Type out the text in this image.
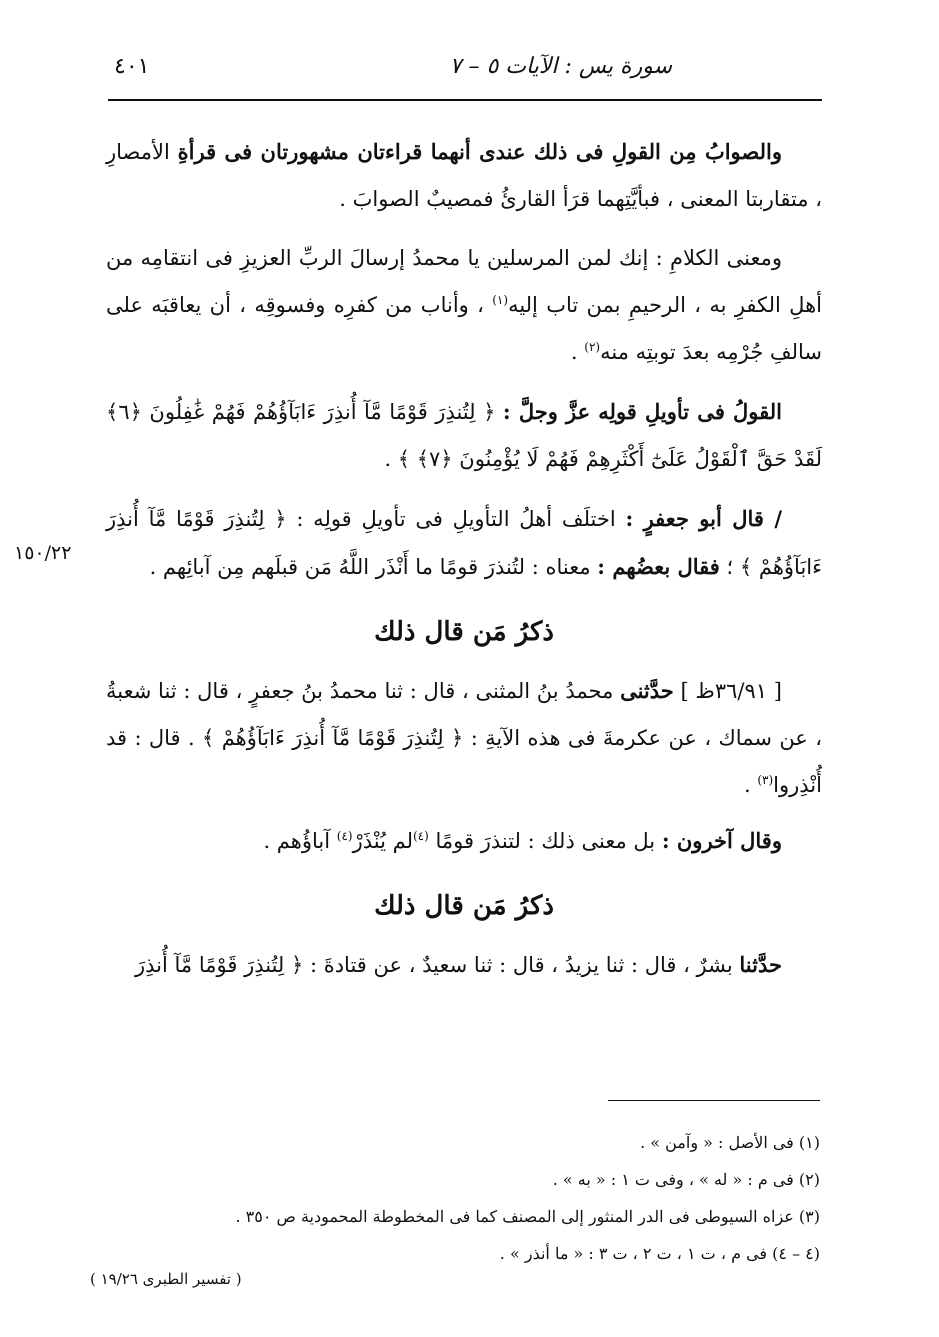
سورة يس : الآيات ٥ – ٧
٤٠١
١٥٠/٢٢

والصوابُ مِن القولِ فى ذلك عندى أنهما قراءتان مشهورتان فى قرأةِ الأمصارِ ، متقاربتا المعنى ، فبأيَّتِهما قرَأ القارئُ فمصيبٌ الصوابَ .

ومعنى الكلامِ : إنك لمن المرسلين يا محمدُ إرسالَ الربِّ العزيزِ فى انتقامِه من أهلِ الكفرِ به ، الرحيمِ بمن تاب إليه$^{(١)}$ ، وأناب من كفرِه وفسوقِه ، أن يعاقبَه على سالفِ جُرْمِه بعدَ توبتِه منه$^{(٢)}$ .

القولُ فى تأويلِ قولِه عزَّ وجلَّ : ﴿ لِتُنذِرَ قَوْمًا مَّآ أُنذِرَ ءَابَآؤُهُمْ فَهُمْ غَٰفِلُونَ ﴿٦﴾ لَقَدْ حَقَّ ٱلْقَوْلُ عَلَىٰٓ أَكْثَرِهِمْ فَهُمْ لَا يُؤْمِنُونَ ﴿٧﴾ ﴾ .

/ قال أبو جعفرٍ : اختلَف أهلُ التأويلِ فى تأويلِ قولِه : ﴿ لِتُنذِرَ قَوْمًا مَّآ أُنذِرَ ءَابَآؤُهُمْ ﴾ ؛ فقال بعضُهم : معناه : لتُنذرَ قومًا ما أَنْذَر اللَّهُ مَن قبلَهم مِن آبائِهم .

ذكرُ مَن قال ذلك

[ ٣٦/٩١ظ ] حدَّثنى محمدُ بنُ المثنى ، قال : ثنا محمدُ بنُ جعفرٍ ، قال : ثنا شعبةُ ، عن سماك ، عن عكرمةَ فى هذه الآيةِ : ﴿ لِتُنذِرَ قَوْمًا مَّآ أُنذِرَ ءَابَآؤُهُمْ ﴾ . قال : قد أُنْذِروا$^{(٣)}$ .

وقال آخرون : بل معنى ذلك : لتنذرَ قومًا $^{(٤)}$لم يُنْذَرْ$^{(٤)}$ آباؤُهم .

ذكرُ مَن قال ذلك

حدَّثنا بشرٌ ، قال : ثنا يزيدُ ، قال : ثنا سعيدٌ ، عن قتادةَ : ﴿ لِتُنذِرَ قَوْمًا مَّآ أُنذِرَ

(١) فى الأصل : « وآمن » .

(٢) فى م : « له » ، وفى ت ١ : « به » .

(٣) عزاه السيوطى فى الدر المنثور إلى المصنف كما فى المخطوطة المحمودية ص ٣٥٠ .

(٤ – ٤) فى م ، ت ١ ، ت ٢ ، ت ٣ : « ما أنذر » .

( تفسير الطبرى ١٩/٢٦ )
